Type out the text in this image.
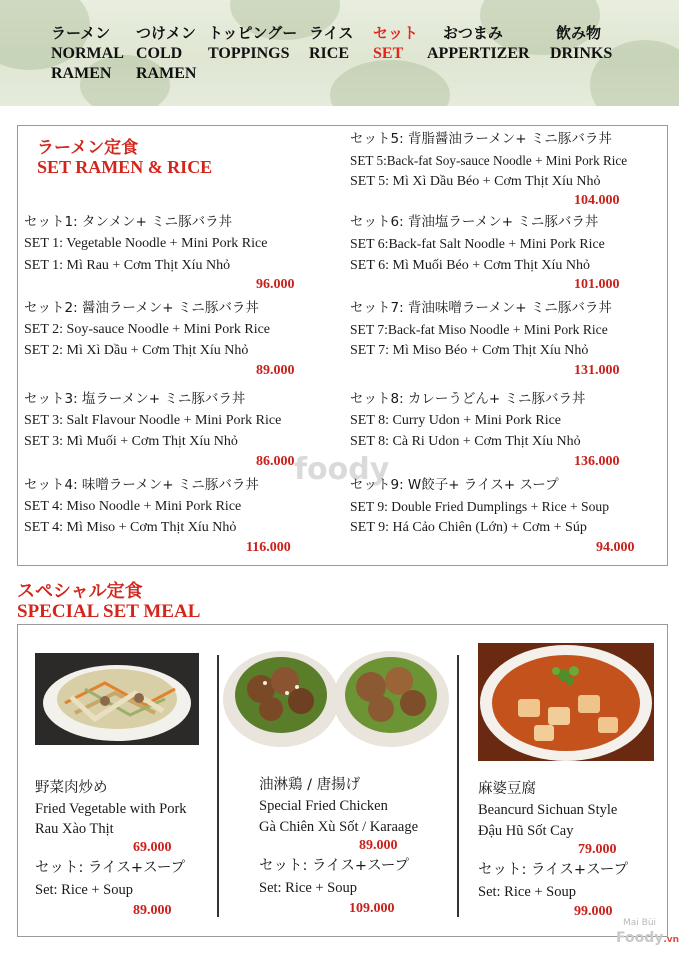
ラーメン
NORMAL
RAMEN
つけメン
COLD
RAMEN
トッピングー
TOPPINGS
ライス
RICE
セット
SET
おつまみ
APPERTIZER
飲み物
DRINKS
ラーメン定食
SET RAMEN & RICE
セット1: タンメン+ ミニ豚バラ丼
SET 1: Vegetable Noodle + Mini Pork Rice
SET 1: Mì Rau + Cơm Thịt Xíu Nhỏ
96.000
セット2: 醤油ラーメン+ ミニ豚バラ丼
SET 2: Soy-sauce Noodle + Mini Pork Rice
SET 2: Mì Xì Dầu + Cơm Thịt Xíu Nhỏ
89.000
セット3: 塩ラーメン+ ミニ豚バラ丼
SET 3: Salt Flavour Noodle + Mini Pork Rice
SET 3: Mì Muối + Cơm Thịt Xíu Nhỏ
86.000
セット4: 味噌ラーメン+ ミニ豚バラ丼
SET 4: Miso Noodle + Mini Pork Rice
SET 4: Mì Miso + Cơm Thịt Xíu Nhỏ
116.000
セット5: 背脂醤油ラーメン+ ミニ豚バラ丼
SET 5:Back-fat Soy-sauce Noodle + Mini Pork Rice
SET 5: Mì Xì Dầu Béo + Cơm Thịt Xíu Nhỏ
104.000
セット6: 背油塩ラーメン+ ミニ豚バラ丼
SET 6:Back-fat Salt Noodle + Mini Pork Rice
SET 6: Mì Muối Béo + Cơm Thịt Xíu Nhỏ
101.000
セット7: 背油味噌ラーメン+ ミニ豚バラ丼
SET 7:Back-fat Miso Noodle + Mini Pork Rice
SET 7: Mì Miso Béo + Cơm Thịt Xíu Nhỏ
131.000
セット8: カレーうどん+ ミニ豚バラ丼
SET 8: Curry Udon + Mini Pork Rice
SET 8: Cà Ri Udon + Cơm Thịt Xíu Nhỏ
136.000
セット9: W餃子+ ライス+ スープ
SET 9: Double Fried Dumplings + Rice + Soup
SET 9: Há Cảo Chiên (Lớn) + Cơm + Súp
94.000
foody
スペシャル定食
SPECIAL SET MEAL
野菜肉炒め
Fried Vegetable with Pork
Rau Xào Thịt
69.000
セット: ライス+スープ
Set: Rice + Soup
89.000
油淋鶏 / 唐揚げ
Special Fried Chicken
Gà Chiên Xù Sốt / Karaage
89.000
セット: ライス+スープ
Set: Rice + Soup
109.000
麻婆豆腐
Beancurd Sichuan Style
Đậu Hũ Sốt Cay
79.000
セット: ライス+スープ
Set: Rice + Soup
99.000
Mai Bùi
Foody.vn
